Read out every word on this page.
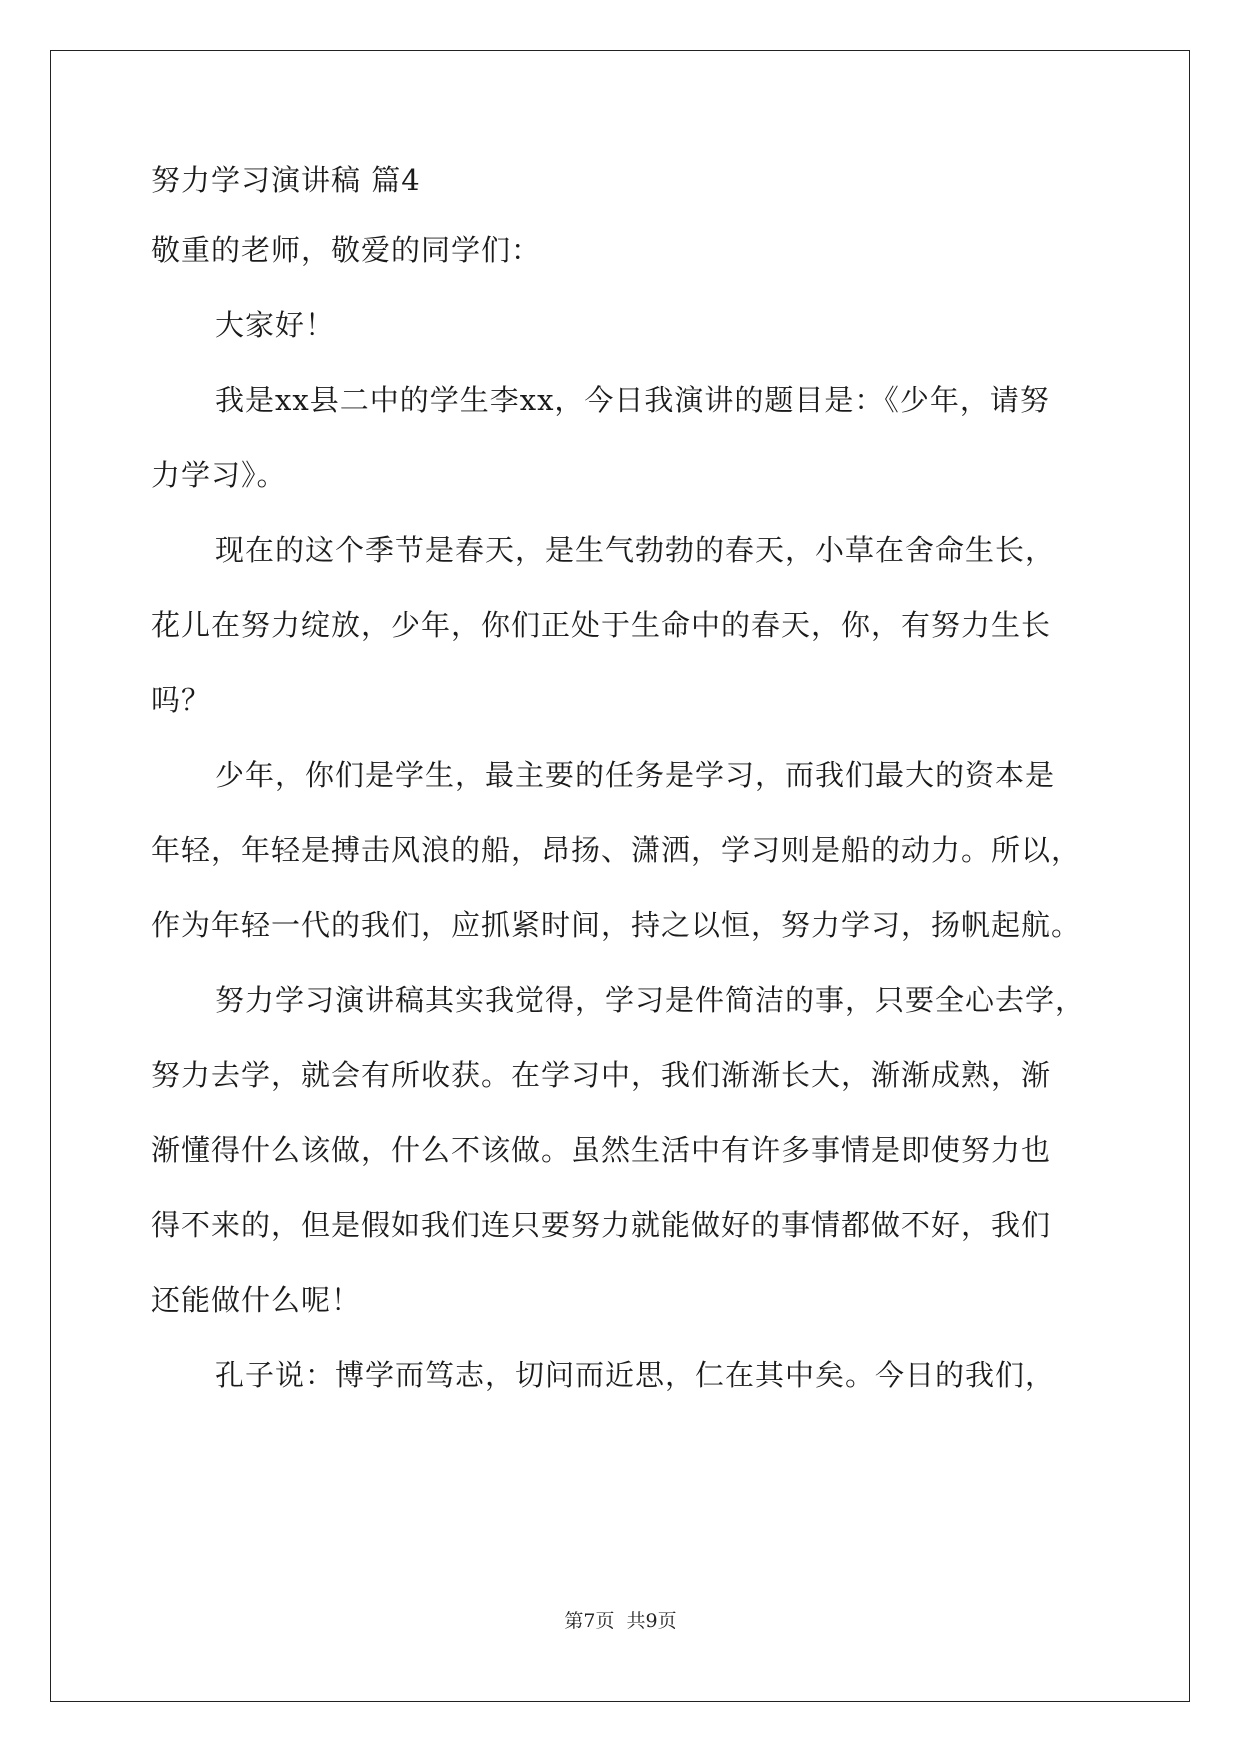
努力学习演讲稿 篇4
敬重的老师，敬爱的同学们：
大家好！
我是xx县二中的学生李xx，今日我演讲的题目是：《少年，请努
力学习》。
现在的这个季节是春天，是生气勃勃的春天，小草在舍命生长，
花儿在努力绽放，少年，你们正处于生命中的春天，你，有努力生长
吗？
少年，你们是学生，最主要的任务是学习，而我们最大的资本是
年轻，年轻是搏击风浪的船，昂扬、潇洒，学习则是船的动力。所以，
作为年轻一代的我们，应抓紧时间，持之以恒，努力学习，扬帆起航。
努力学习演讲稿其实我觉得，学习是件简洁的事，只要全心去学，
努力去学，就会有所收获。在学习中，我们渐渐长大，渐渐成熟，渐
渐懂得什么该做，什么不该做。虽然生活中有许多事情是即使努力也
得不来的，但是假如我们连只要努力就能做好的事情都做不好，我们
还能做什么呢！
孔子说：博学而笃志，切问而近思，仁在其中矣。今日的我们，
第7页 共9页
